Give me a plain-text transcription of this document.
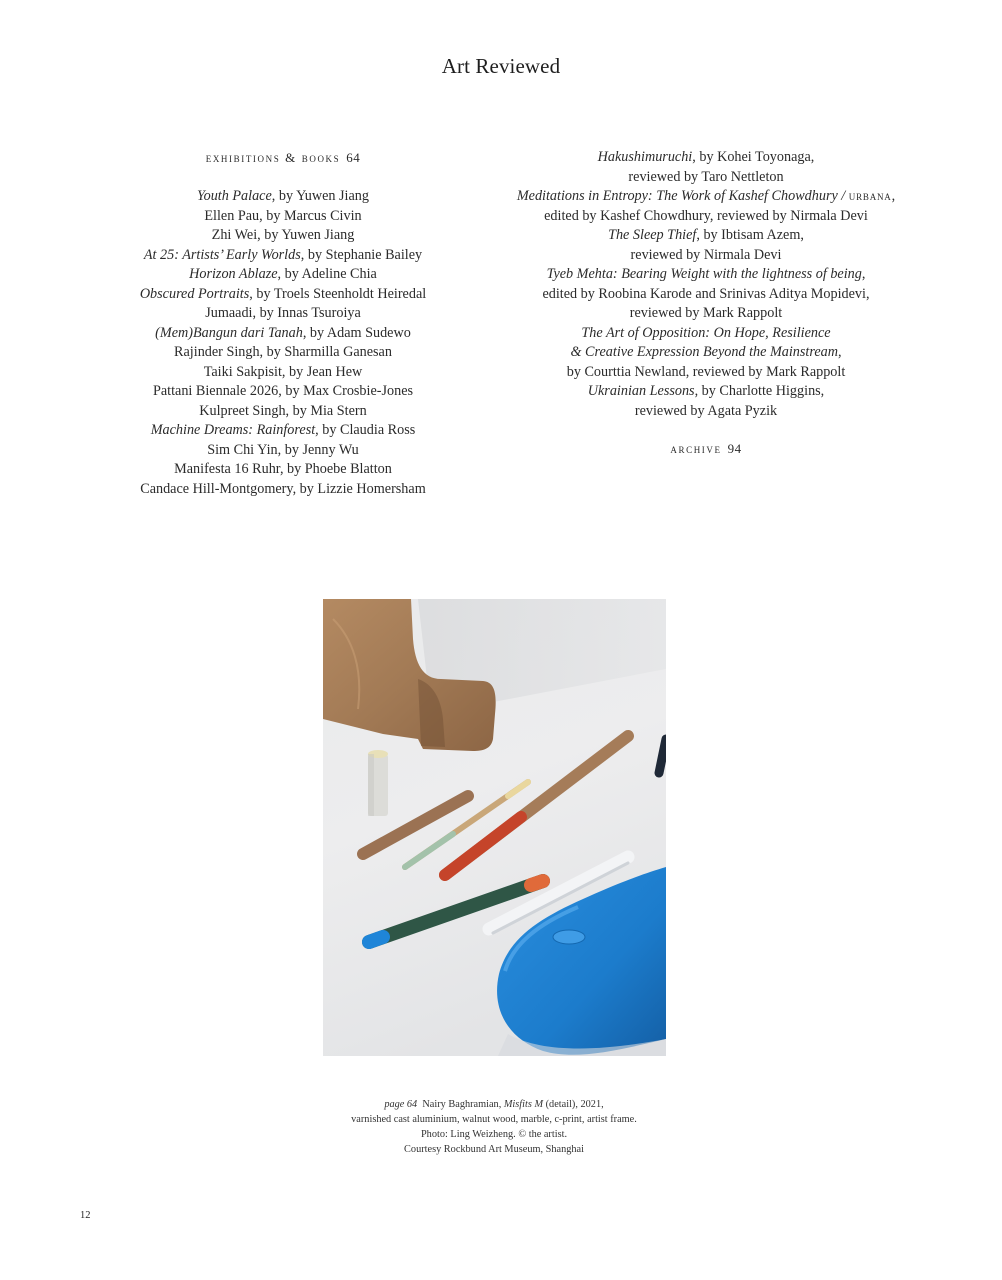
Art Reviewed
exhibitions & books 64
Youth Palace, by Yuwen Jiang
Ellen Pau, by Marcus Civin
Zhi Wei, by Yuwen Jiang
At 25: Artists’ Early Worlds, by Stephanie Bailey
Horizon Ablaze, by Adeline Chia
Obscured Portraits, by Troels Steenholdt Heiredal
Jumaadi, by Innas Tsuroiya
(Mem)Bangun dari Tanah, by Adam Sudewo
Rajinder Singh, by Sharmilla Ganesan
Taiki Sakpisit, by Jean Hew
Pattani Biennale 2026, by Max Crosbie-Jones
Kulpreet Singh, by Mia Stern
Machine Dreams: Rainforest, by Claudia Ross
Sim Chi Yin, by Jenny Wu
Manifesta 16 Ruhr, by Phoebe Blatton
Candace Hill-Montgomery, by Lizzie Homersham
Hakushimuruchi, by Kohei Toyonaga,
reviewed by Taro Nettleton
Meditations in Entropy: The Work of Kashef Chowdhury / urbana,
edited by Kashef Chowdhury, reviewed by Nirmala Devi
The Sleep Thief, by Ibtisam Azem,
reviewed by Nirmala Devi
Tyeb Mehta: Bearing Weight with the lightness of being,
edited by Roobina Karode and Srinivas Aditya Mopidevi,
reviewed by Mark Rappolt
The Art of Opposition: On Hope, Resilience
& Creative Expression Beyond the Mainstream,
by Courttia Newland, reviewed by Mark Rappolt
Ukrainian Lessons, by Charlotte Higgins,
reviewed by Agata Pyzik
archive 94
page 64 Nairy Baghramian, Misfits M (detail), 2021,
varnished cast aluminium, walnut wood, marble, c-print, artist frame.
Photo: Ling Weizheng. © the artist.
Courtesy Rockbund Art Museum, Shanghai
12
